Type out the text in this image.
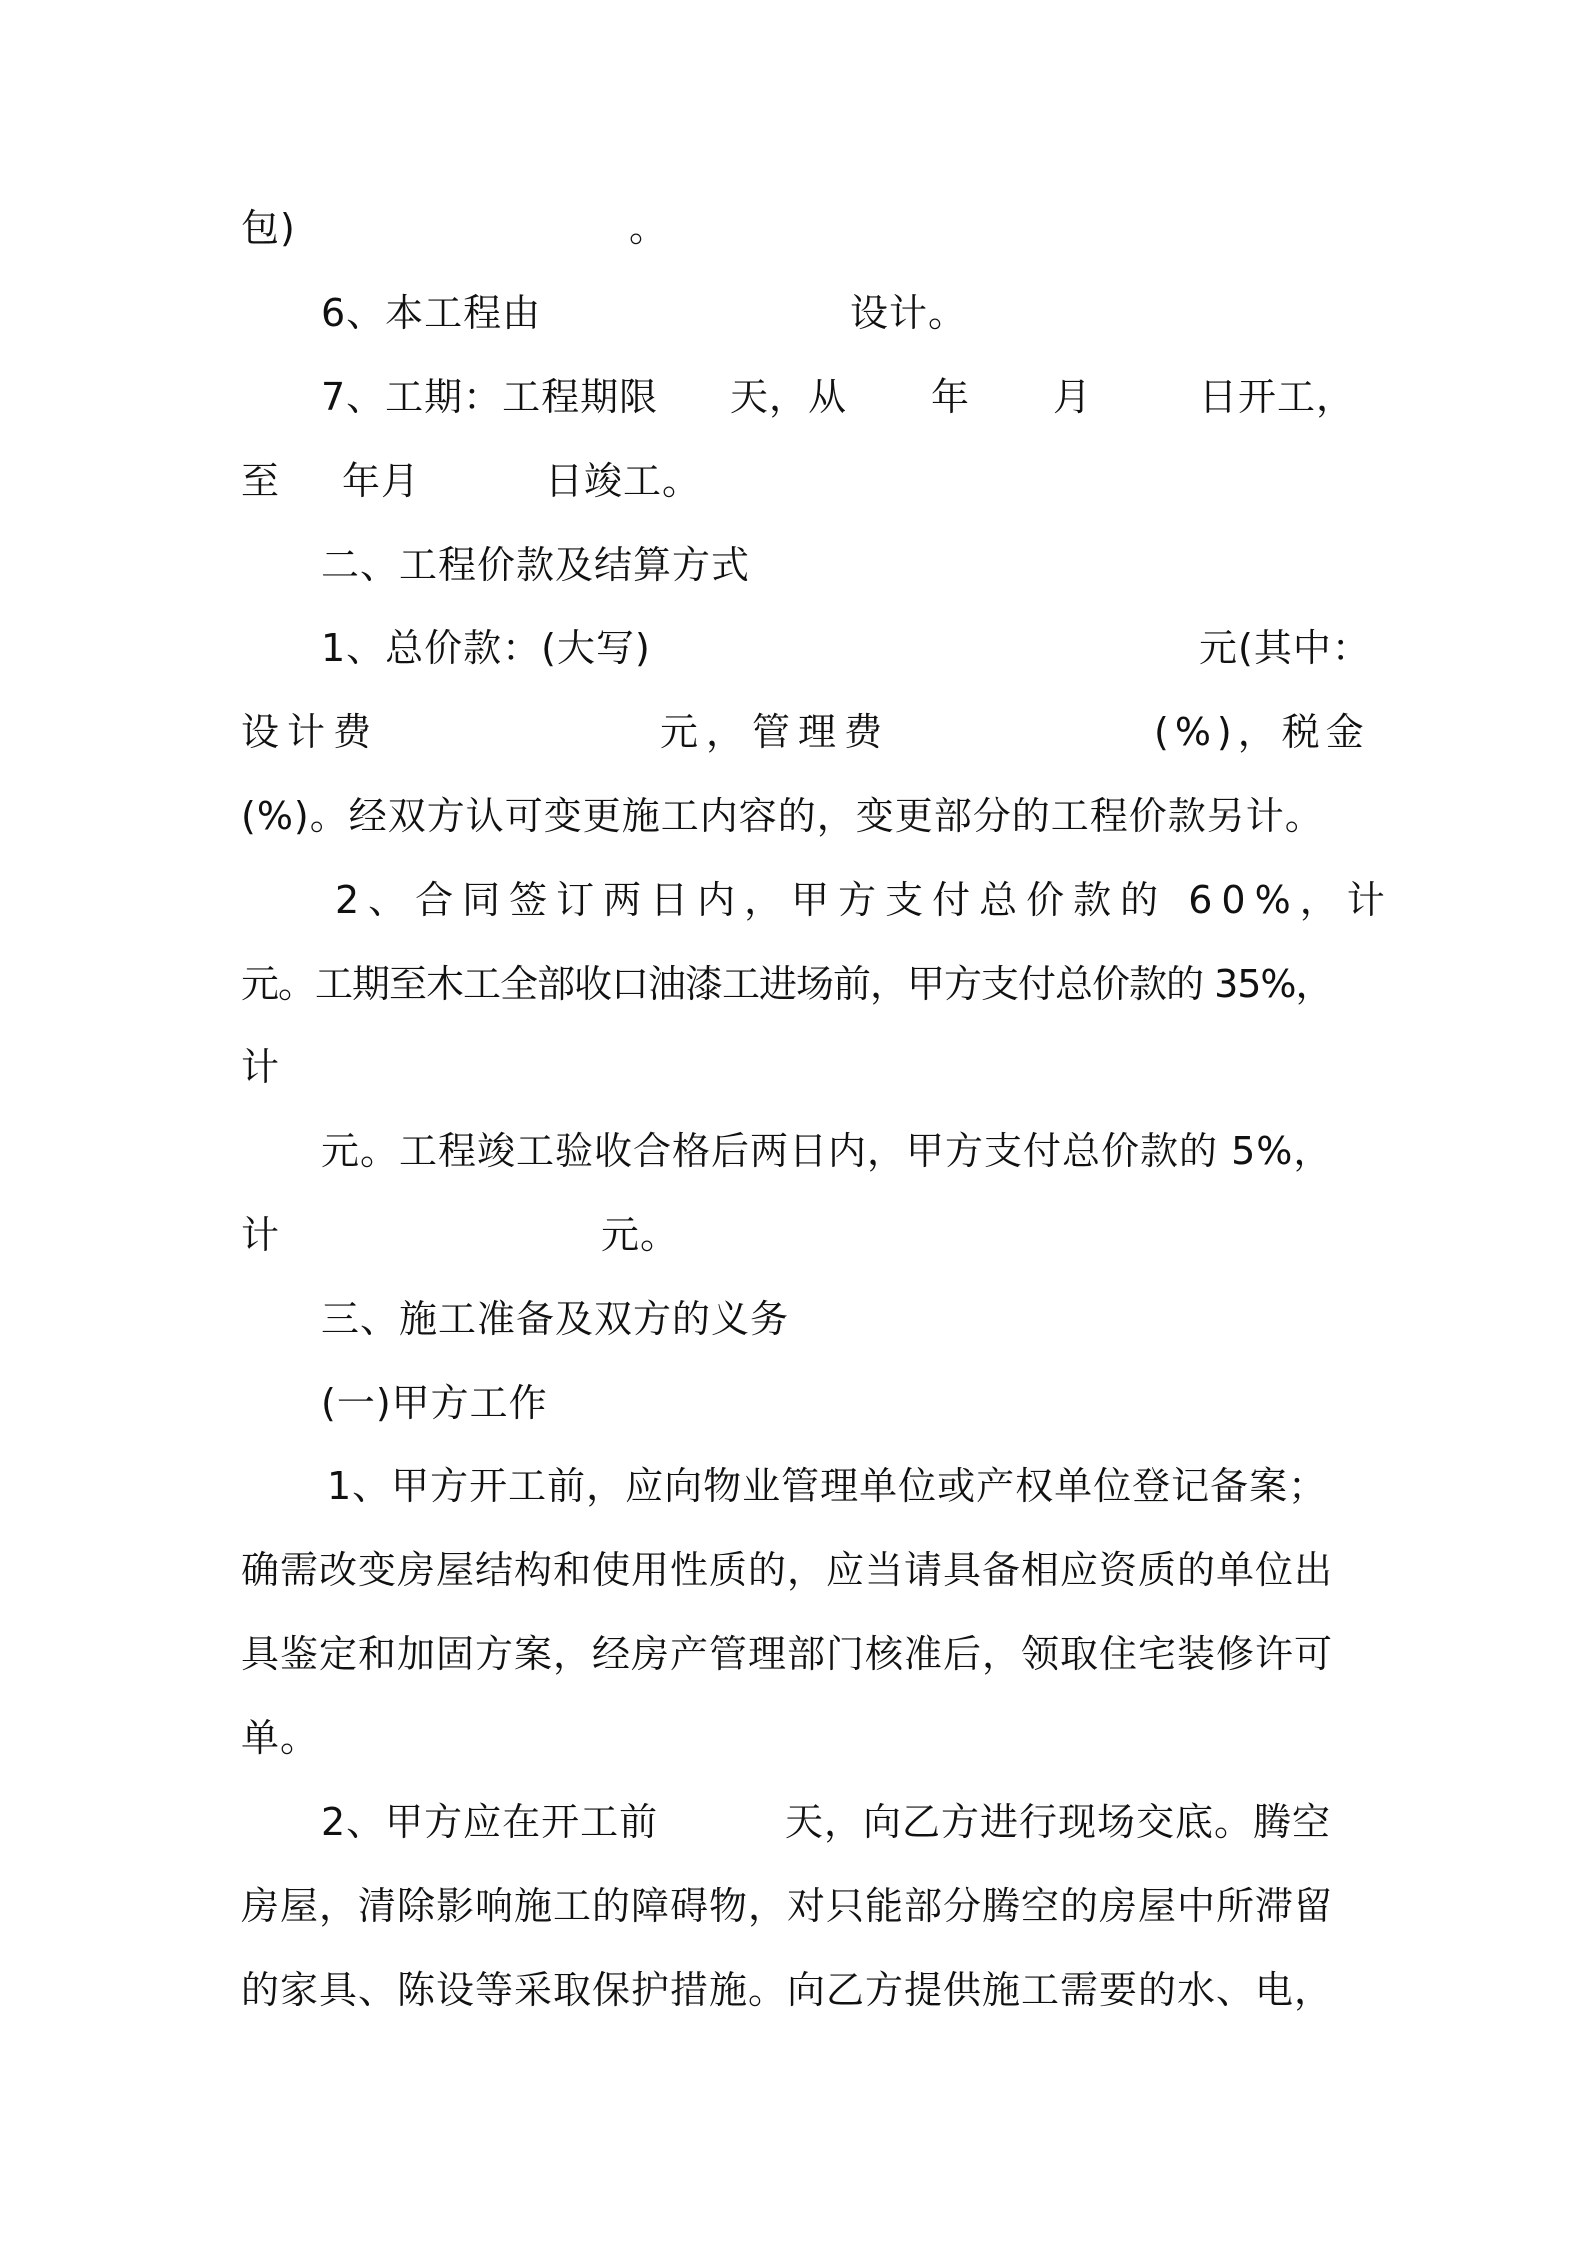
包)	。
6、本工程由	设计。
7、工期：工程期限 天，从 年 月	日开工，
至 年月	日竣工。
二、工程价款及结算方式
1、总价款：(大写)	元(其中：
设计费	元，管理费	(%)，税金
(%)。经双方认可变更施工内容的，变更部分的工程价款另计。
2、合同签订两日内，甲方支付总价款的 60%，计
元。工期至木工全部收口油漆工进场前，甲方支付总价款的 35%，
计
元。工程竣工验收合格后两日内，甲方支付总价款的 5%，
计	元。
三、施工准备及双方的义务
(一)甲方工作
1、甲方开工前，应向物业管理单位或产权单位登记备案；
确需改变房屋结构和使用性质的，应当请具备相应资质的单位出
具鉴定和加固方案，经房产管理部门核准后，领取住宅装修许可
单。
2、甲方应在开工前	天，向乙方进行现场交底。腾空
房屋，清除影响施工的障碍物，对只能部分腾空的房屋中所滞留
的家具、陈设等采取保护措施。向乙方提供施工需要的水、电，
